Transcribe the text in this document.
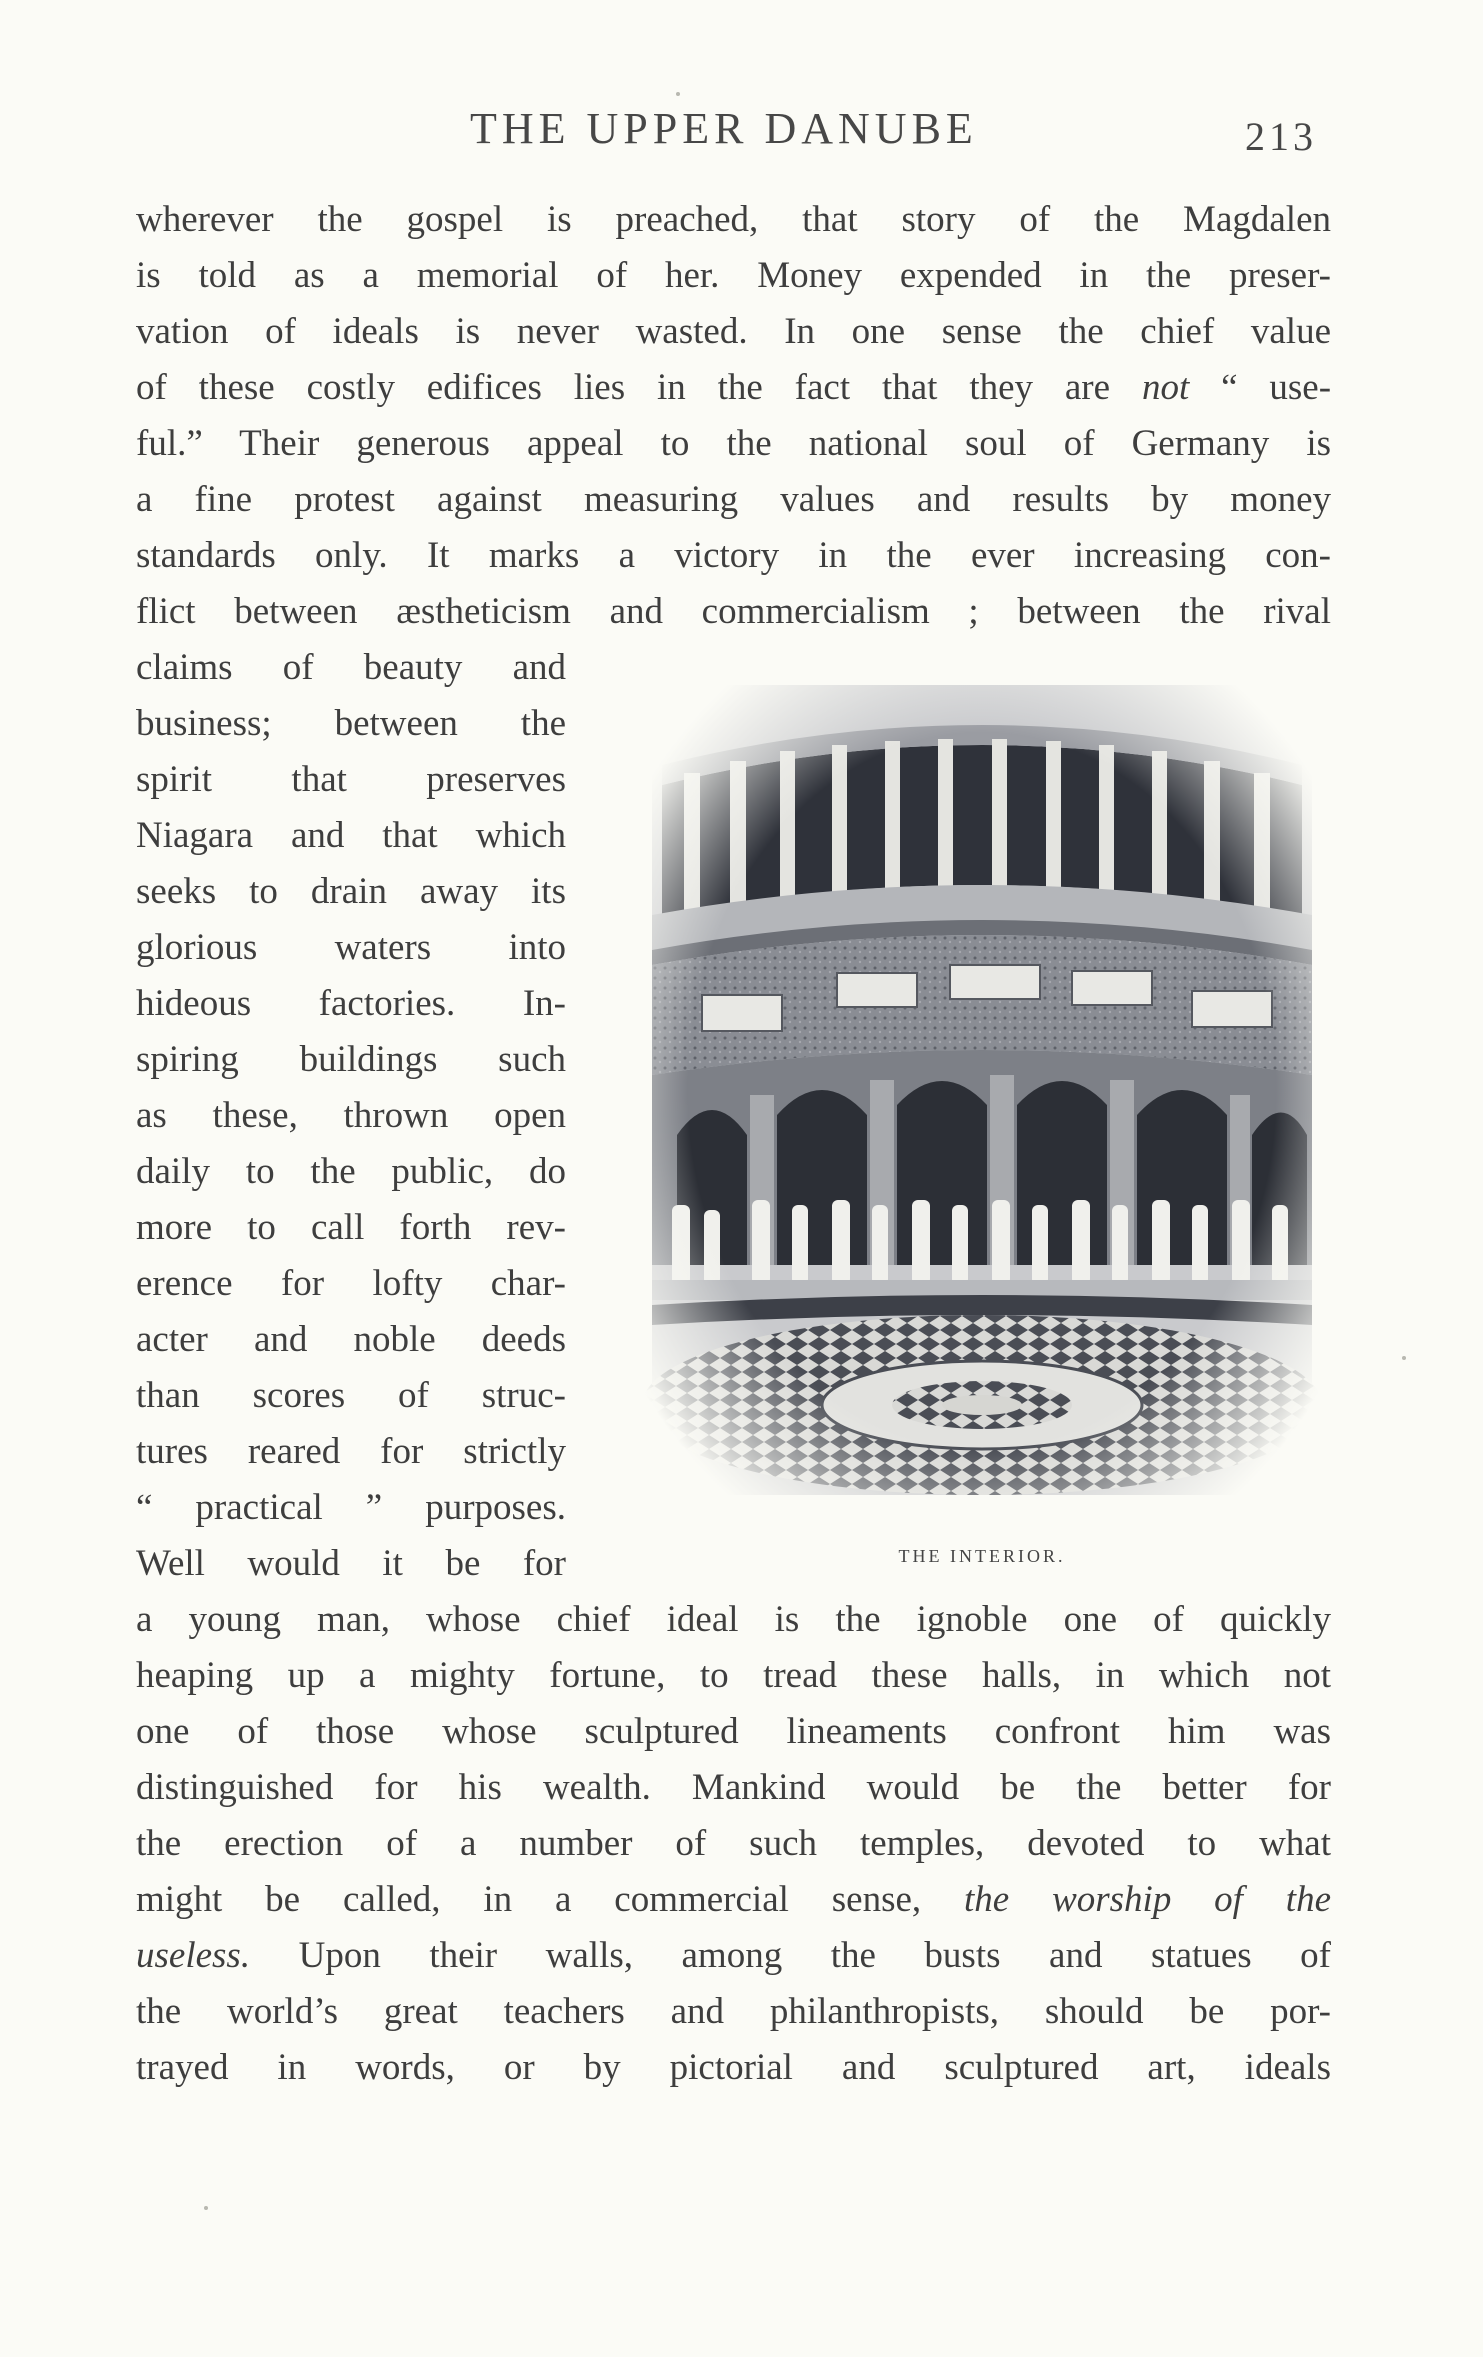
THE UPPER DANUBE	213
wherever the gospel is preached, that story of the Magdalen
is told as a memorial of her. Money expended in the preser-
vation of ideals is never wasted. In one sense the chief value
of these costly edifices lies in the fact that they are not “ use-
ful.” Their generous appeal to the national soul of Germany is
a fine protest against measuring values and results by money
standards only. It marks a victory in the ever increasing con-
flict between æstheticism and commercialism ; between the rival
claims of beauty and
business; between the
spirit that preserves
Niagara and that which
seeks to drain away its
glorious waters into
hideous factories. In-
spiring buildings such
as these, thrown open
daily to the public, do
more to call forth rev-
erence for lofty char-
acter and noble deeds
than scores of struc-
tures reared for strictly
“ practical ” purposes.
Well would it be for
a young man, whose chief ideal is the ignoble one of quickly
heaping up a mighty fortune, to tread these halls, in which not
one of those whose sculptured lineaments confront him was
distinguished for his wealth. Mankind would be the better for
the erection of a number of such temples, devoted to what
might be called, in a commercial sense, the worship of the
useless. Upon their walls, among the busts and statues of
the world’s great teachers and philanthropists, should be por-
trayed in words, or by pictorial and sculptured art, ideals
THE INTERIOR.
